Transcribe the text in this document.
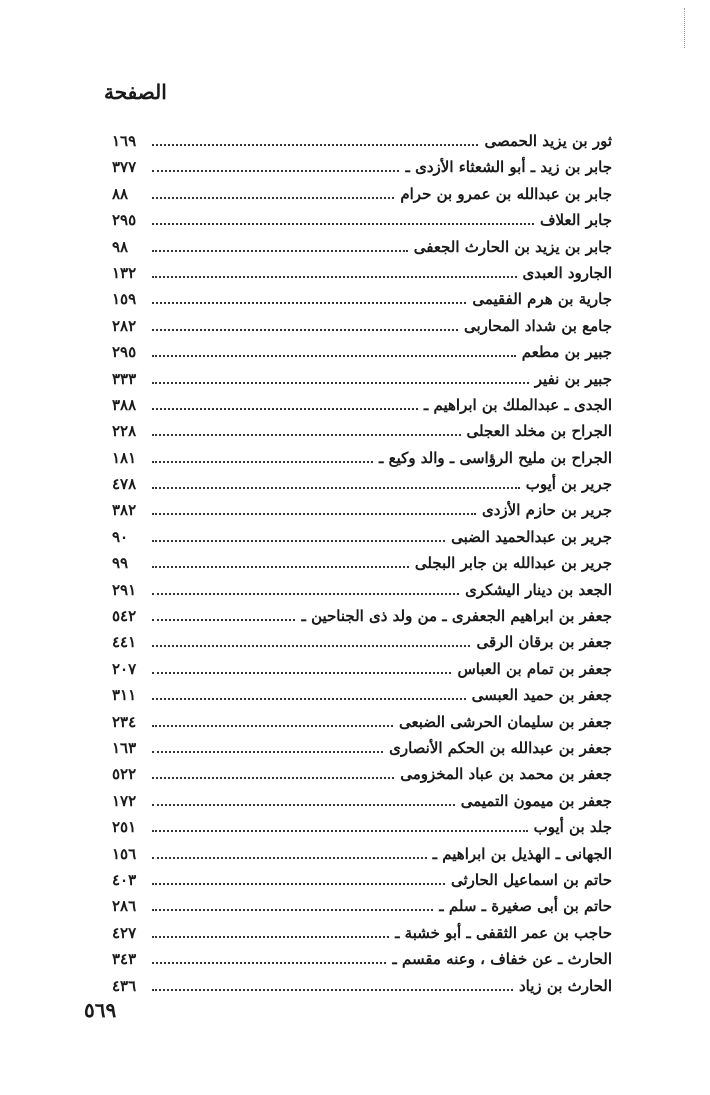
الصفحة
ثور بن يزيد الحمصى
١٦٩
جابر بن زيد ـ أبو الشعثاء الأزدى ـ
٣٧٧
جابر بن عبدالله بن عمرو بن حرام
٨٨
جابر العلاف
٢٩٥
جابر بن يزيد بن الحارث الجعفى
٩٨
الجارود العبدى
١٣٢
جارية بن هرم الفقيمى
١٥٩
جامع بن شداد المحاربى
٢٨٢
جبير بن مطعم
٢٩٥
جبير بن نفير
٣٣٣
الجدى ـ عبدالملك بن ابراهيم ـ
٣٨٨
الجراح بن مخلد العجلى
٢٢٨
الجراح بن مليح الرؤاسى ـ والد وكيع ـ
١٨١
جرير بن أيوب
٤٧٨
جرير بن حازم الأزدى
٣٨٢
جرير بن عبدالحميد الضبى
٩٠
جرير بن عبدالله بن جابر البجلى
٩٩
الجعد بن دينار اليشكرى
٢٩١
جعفر بن ابراهيم الجعفرى ـ من ولد ذى الجناحين ـ
٥٤٢
جعفر بن برقان الرقى
٤٤١
جعفر بن تمام بن العباس
٢٠٧
جعفر بن حميد العبسى
٣١١
جعفر بن سليمان الحرشى الضبعى
٢٣٤
جعفر بن عبدالله بن الحكم الأنصارى
١٦٣
جعفر بن محمد بن عباد المخزومى
٥٢٢
جعفر بن ميمون التميمى
١٧٢
جلد بن أيوب
٢٥١
الجهانى ـ الهذيل بن ابراهيم ـ
١٥٦
حاتم بن اسماعيل الحارثى
٤٠٣
حاتم بن أبى صغيرة ـ سلم ـ
٢٨٦
حاجب بن عمر الثقفى ـ أبو خشبة ـ
٤٢٧
الحارث ـ عن خفاف ، وعنه مقسم ـ
٣٤٣
الحارث بن زياد
٤٣٦
٥٦٩
